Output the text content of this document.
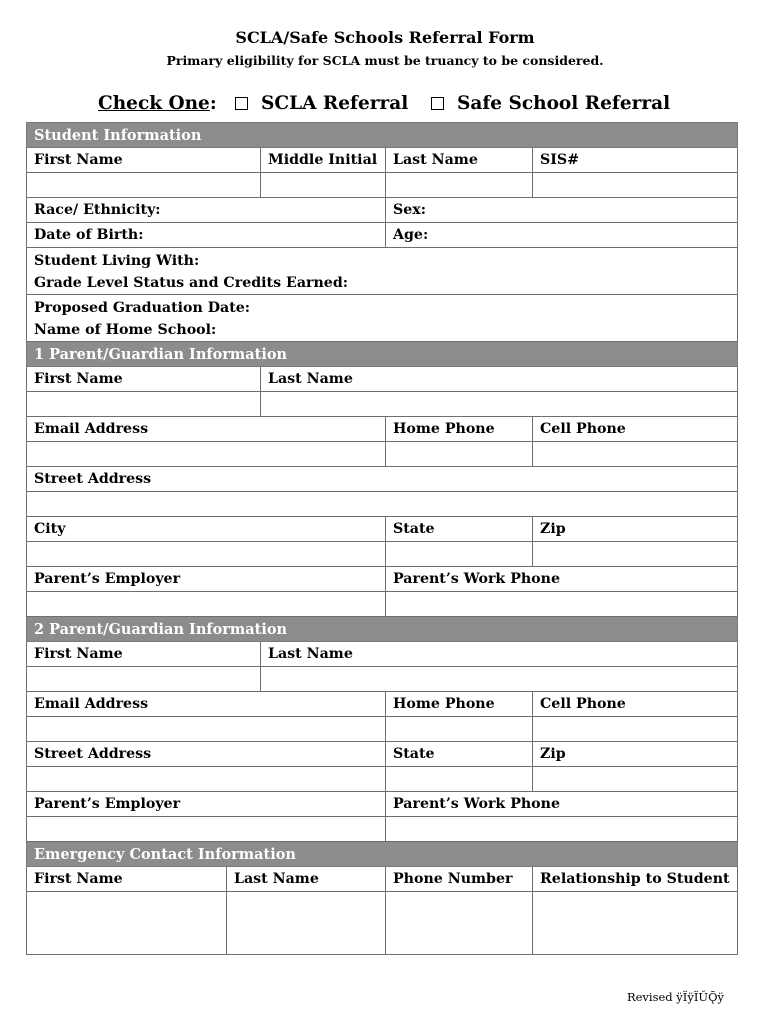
SCLA/Safe Schools Referral Form
Primary eligibility for SCLA must be truancy to be considered.
Check One: SCLA Referral	Safe School Referral
Student Information				
First Name		Middle Initial	Last Name	SIS#

Race/ Ethnicity:			Sex:	
Date of Birth:			Age:	

Student Living With:
Grade Level Status and Credits Earned:				

Proposed Graduation Date:
Name of Home School:				

1 Parent/Guardian Information				
First Name		Last Name		

Email Address			Home Phone	Cell Phone

Street Address				

City			State	Zip

Parent’s Employer			Parent’s Work Phone	

2 Parent/Guardian Information				
First Name		Last Name		

Email Address			Home Phone	Cell Phone

Street Address			State	Zip

Parent’s Employer			Parent’s Work Phone	

Emergency Contact Information				
First Name	Last Name		Phone Number	Relationship to Student

Revised ÿÏÿÏŬǬÿ
